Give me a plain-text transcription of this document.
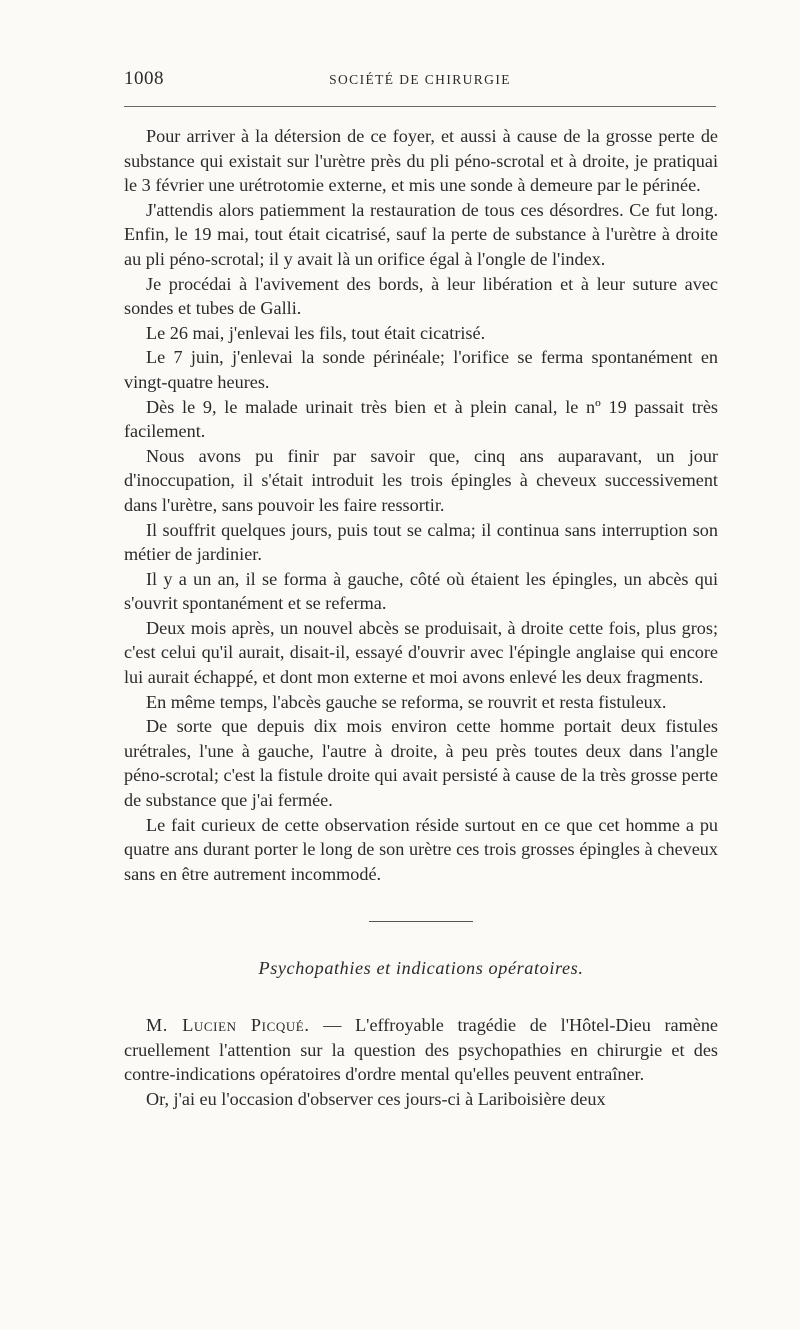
1008	SOCIÉTÉ DE CHIRURGIE

Pour arriver à la détersion de ce foyer, et aussi à cause de la grosse perte de substance qui existait sur l'urètre près du pli péno-scrotal et à droite, je pratiquai le 3 février une urétrotomie externe, et mis une sonde à demeure par le périnée.

J'attendis alors patiemment la restauration de tous ces désordres. Ce fut long. Enfin, le 19 mai, tout était cicatrisé, sauf la perte de substance à l'urètre à droite au pli péno-scrotal; il y avait là un orifice égal à l'ongle de l'index.

Je procédai à l'avivement des bords, à leur libération et à leur suture avec sondes et tubes de Galli.

Le 26 mai, j'enlevai les fils, tout était cicatrisé.

Le 7 juin, j'enlevai la sonde périnéale; l'orifice se ferma spontanément en vingt-quatre heures.

Dès le 9, le malade urinait très bien et à plein canal, le nº 19 passait très facilement.

Nous avons pu finir par savoir que, cinq ans auparavant, un jour d'inoccupation, il s'était introduit les trois épingles à cheveux successivement dans l'urètre, sans pouvoir les faire ressortir.

Il souffrit quelques jours, puis tout se calma; il continua sans interruption son métier de jardinier.

Il y a un an, il se forma à gauche, côté où étaient les épingles, un abcès qui s'ouvrit spontanément et se referma.

Deux mois après, un nouvel abcès se produisait, à droite cette fois, plus gros; c'est celui qu'il aurait, disait-il, essayé d'ouvrir avec l'épingle anglaise qui encore lui aurait échappé, et dont mon externe et moi avons enlevé les deux fragments.

En même temps, l'abcès gauche se reforma, se rouvrit et resta fistuleux.

De sorte que depuis dix mois environ cette homme portait deux fistules urétrales, l'une à gauche, l'autre à droite, à peu près toutes deux dans l'angle péno-scrotal; c'est la fistule droite qui avait persisté à cause de la très grosse perte de substance que j'ai fermée.

Le fait curieux de cette observation réside surtout en ce que cet homme a pu quatre ans durant porter le long de son urètre ces trois grosses épingles à cheveux sans en être autrement incommodé.

Psychopathies et indications opératoires.

M. Lucien Picqué. — L'effroyable tragédie de l'Hôtel-Dieu ramène cruellement l'attention sur la question des psychopathies en chirurgie et des contre-indications opératoires d'ordre mental qu'elles peuvent entraîner.

Or, j'ai eu l'occasion d'observer ces jours-ci à Lariboisière deux
